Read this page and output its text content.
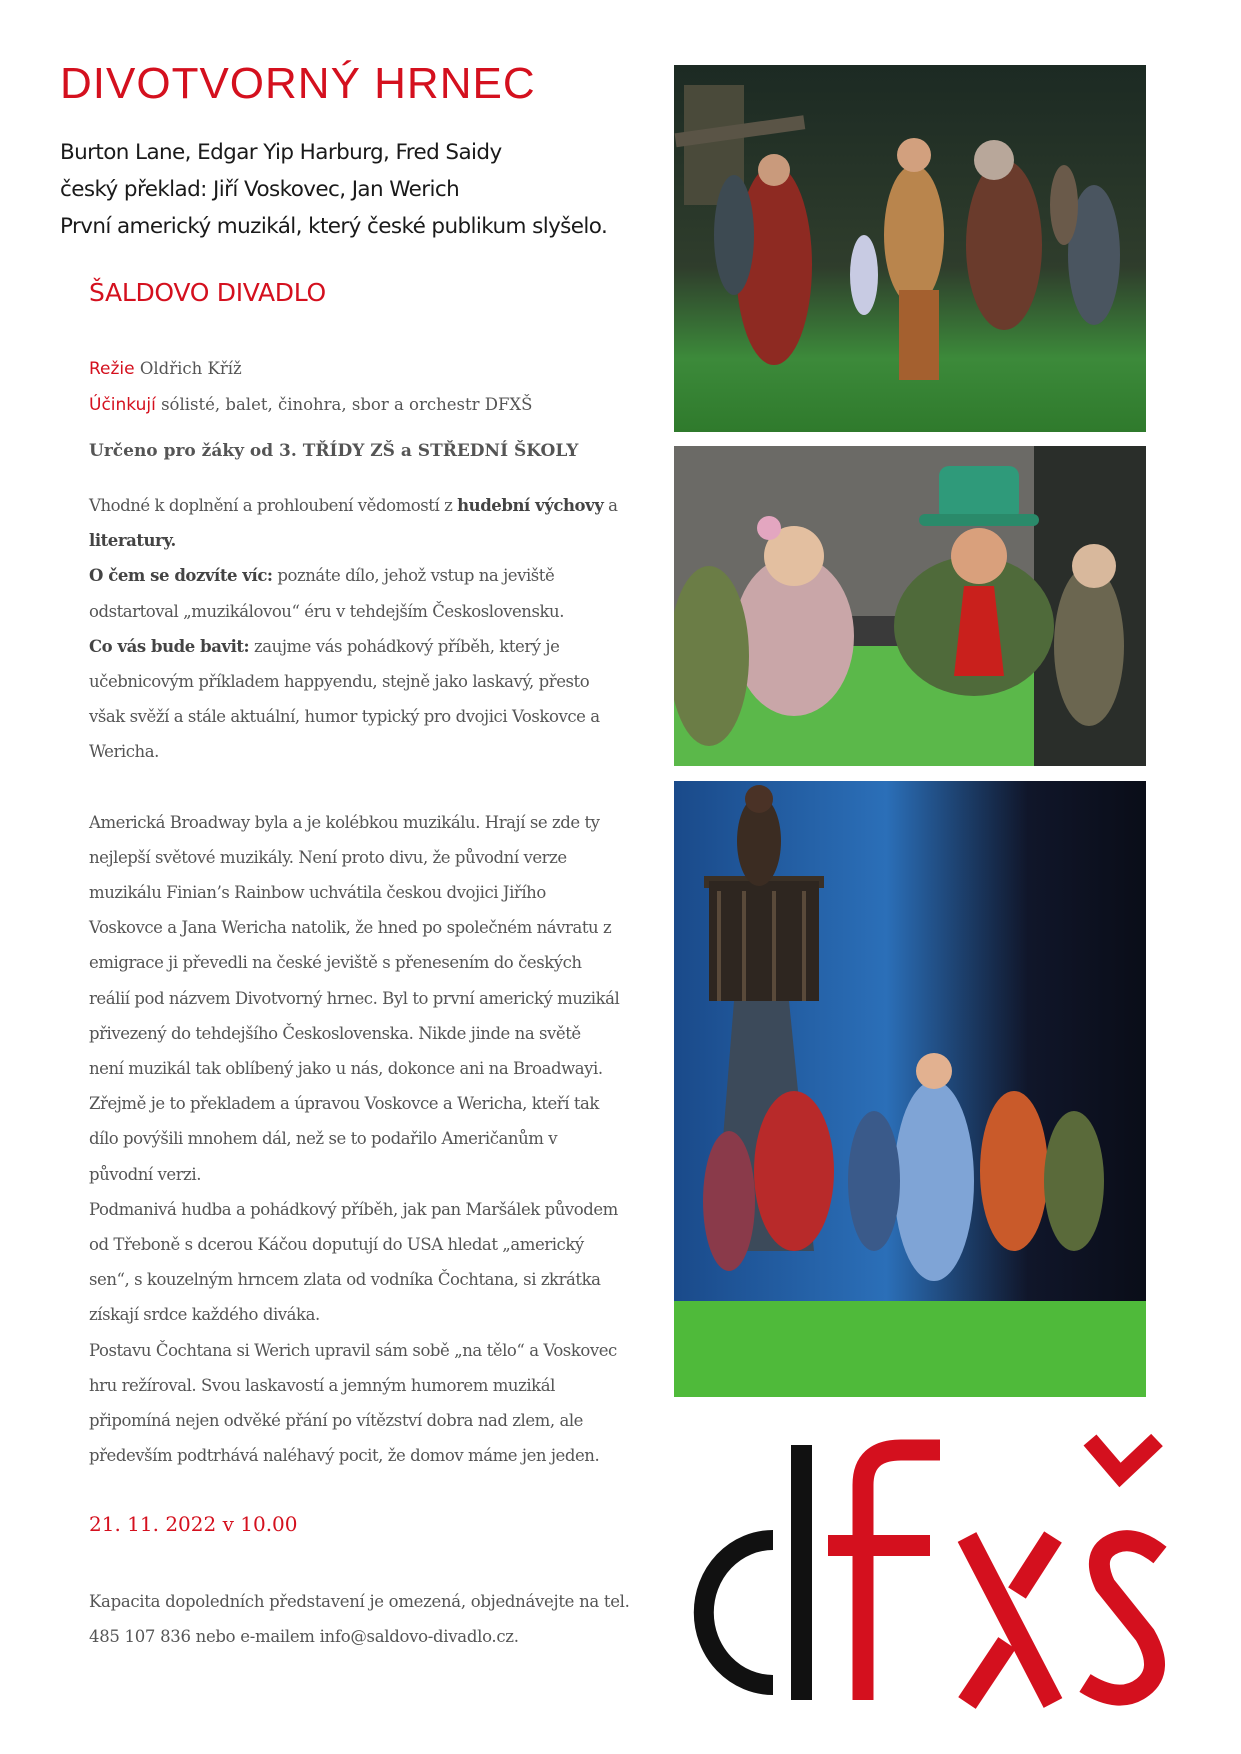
DIVOTVORNÝ HRNEC
Burton Lane, Edgar Yip Harburg, Fred Saidy
český překlad: Jiří Voskovec, Jan Werich
První americký muzikál, který české publikum slyšelo.
ŠALDOVO DIVADLO
Režie Oldřich Kříž
Účinkují sólisté, balet, činohra, sbor a orchestr DFXŠ
Určeno pro žáky od 3. TŘÍDY ZŠ a STŘEDNÍ ŠKOLY

Vhodné k doplnění a prohloubení vědomostí z hudební výchovy a literatury.

O čem se dozvíte víc: poznáte dílo, jehož vstup na jeviště odstartoval „muzikálovou“ éru v tehdejším Československu.

Co vás bude bavit: zaujme vás pohádkový příběh, který je učebnicovým příkladem happyendu, stejně jako laskavý, přesto však svěží a stále aktuální, humor typický pro dvojici Voskovce a Wericha.

Americká Broadway byla a je kolébkou muzikálu. Hrají se zde ty nejlepší světové muzikály. Není proto divu, že původní verze muzikálu Finian’s Rainbow uchvátila českou dvojici Jiřího Voskovce a Jana Wericha natolik, že hned po společném návratu z emigrace ji převedli na české jeviště s přenesením do českých reálií pod názvem Divotvorný hrnec. Byl to první americký muzikál přivezený do tehdejšího Československa. Nikde jinde na světě není muzikál tak oblíbený jako u nás, dokonce ani na Broadwayi.

Zřejmě je to překladem a úpravou Voskovce a Wericha, kteří tak dílo povýšili mnohem dál, než se to podařilo Američanům v původní verzi.

Podmanivá hudba a pohádkový příběh, jak pan Maršálek původem od Třeboně s dcerou Káčou doputují do USA hledat „americký sen“, s kouzelným hrncem zlata od vodníka Čochtana, si zkrátka získají srdce každého diváka.

Postavu Čochtana si Werich upravil sám sobě „na tělo“ a Voskovec hru režíroval. Svou laskavostí a jemným humorem muzikál připomíná nejen odvěké přání po vítězství dobra nad zlem, ale především podtrhává naléhavý pocit, že domov máme jen jeden.

21. 11. 2022 v 10.00
Kapacita dopoledních představení je omezená, objednávejte na tel. 485 107 836 nebo e-mailem info@saldovo-divadlo.cz.
